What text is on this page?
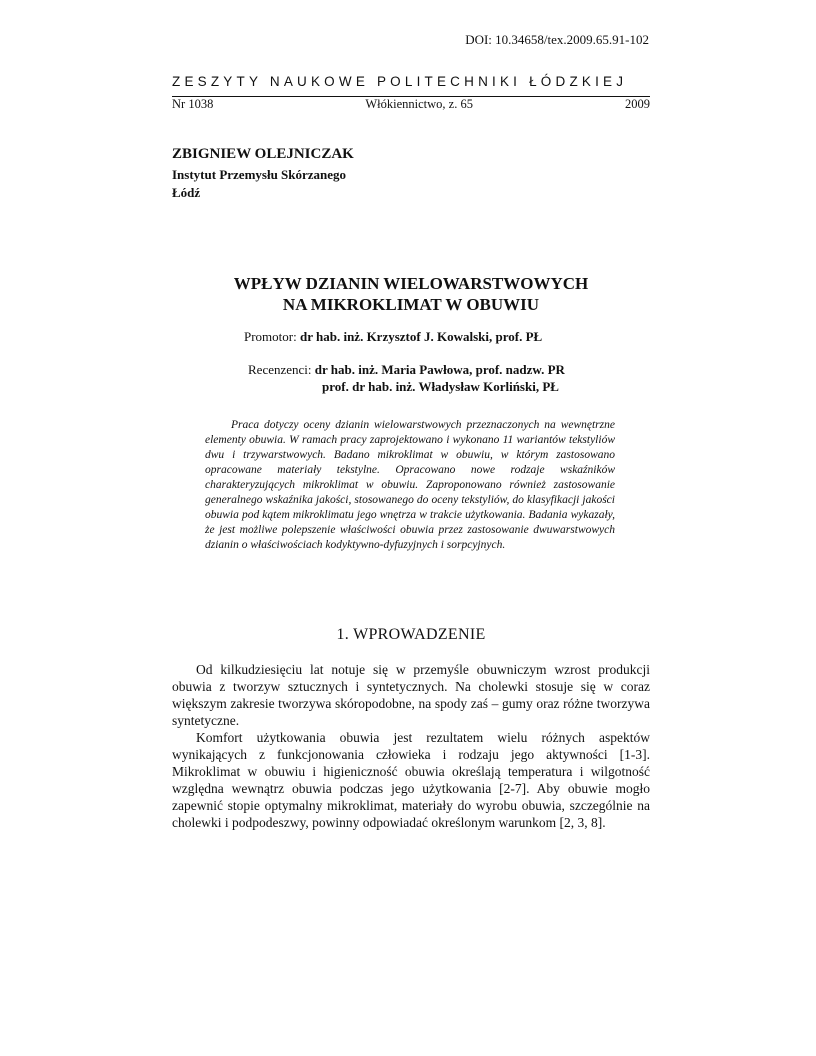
DOI: 10.34658/tex.2009.65.91-102
ZESZYTY NAUKOWE POLITECHNIKI ŁÓDZKIEJ
Nr 1038	Włókiennictwo, z. 65	2009
ZBIGNIEW OLEJNICZAK
Instytut Przemysłu Skórzanego
Łódź
WPŁYW DZIANIN WIELOWARSTWOWYCH
NA MIKROKLIMAT W OBUWIU
Promotor: dr hab. inż. Krzysztof J. Kowalski, prof. PŁ
Recenzenci: dr hab. inż. Maria Pawłowa, prof. nadzw. PR
prof. dr hab. inż. Władysław Korliński, PŁ
Praca dotyczy oceny dzianin wielowarstwowych przeznaczonych na wewnętrzne elementy obuwia. W ramach pracy zaprojektowano i wykonano 11 wariantów tekstyliów dwu i trzywarstwowych. Badano mikroklimat w obuwiu, w którym zastosowano opracowane materiały tekstylne. Opracowano nowe rodzaje wskaźników charakteryzujących mikroklimat w obuwiu. Zaproponowano również zastosowanie generalnego wskaźnika jakości, stosowanego do oceny tekstyliów, do klasyfikacji jakości obuwia pod kątem mikroklimatu jego wnętrza w trakcie użytkowania. Badania wykazały, że jest możliwe polepszenie właściwości obuwia przez zastosowanie dwuwarstwowych dzianin o właściwościach kodyktywno-dyfuzyjnych i sorpcyjnych.
1. WPROWADZENIE

Od kilkudziesięciu lat notuje się w przemyśle obuwniczym wzrost produkcji obuwia z tworzyw sztucznych i syntetycznych. Na cholewki stosuje się w coraz większym zakresie tworzywa skóropodobne, na spody zaś – gumy oraz różne tworzywa syntetyczne.

Komfort użytkowania obuwia jest rezultatem wielu różnych aspektów wynikających z funkcjonowania człowieka i rodzaju jego aktywności [1-3]. Mikroklimat w obuwiu i higieniczność obuwia określają temperatura i wilgotność względna wewnątrz obuwia podczas jego użytkowania [2-7]. Aby obuwie mogło zapewnić stopie optymalny mikroklimat, materiały do wyrobu obuwia, szczególnie na cholewki i podpodeszwy, powinny odpowiadać określonym warunkom [2, 3, 8].
